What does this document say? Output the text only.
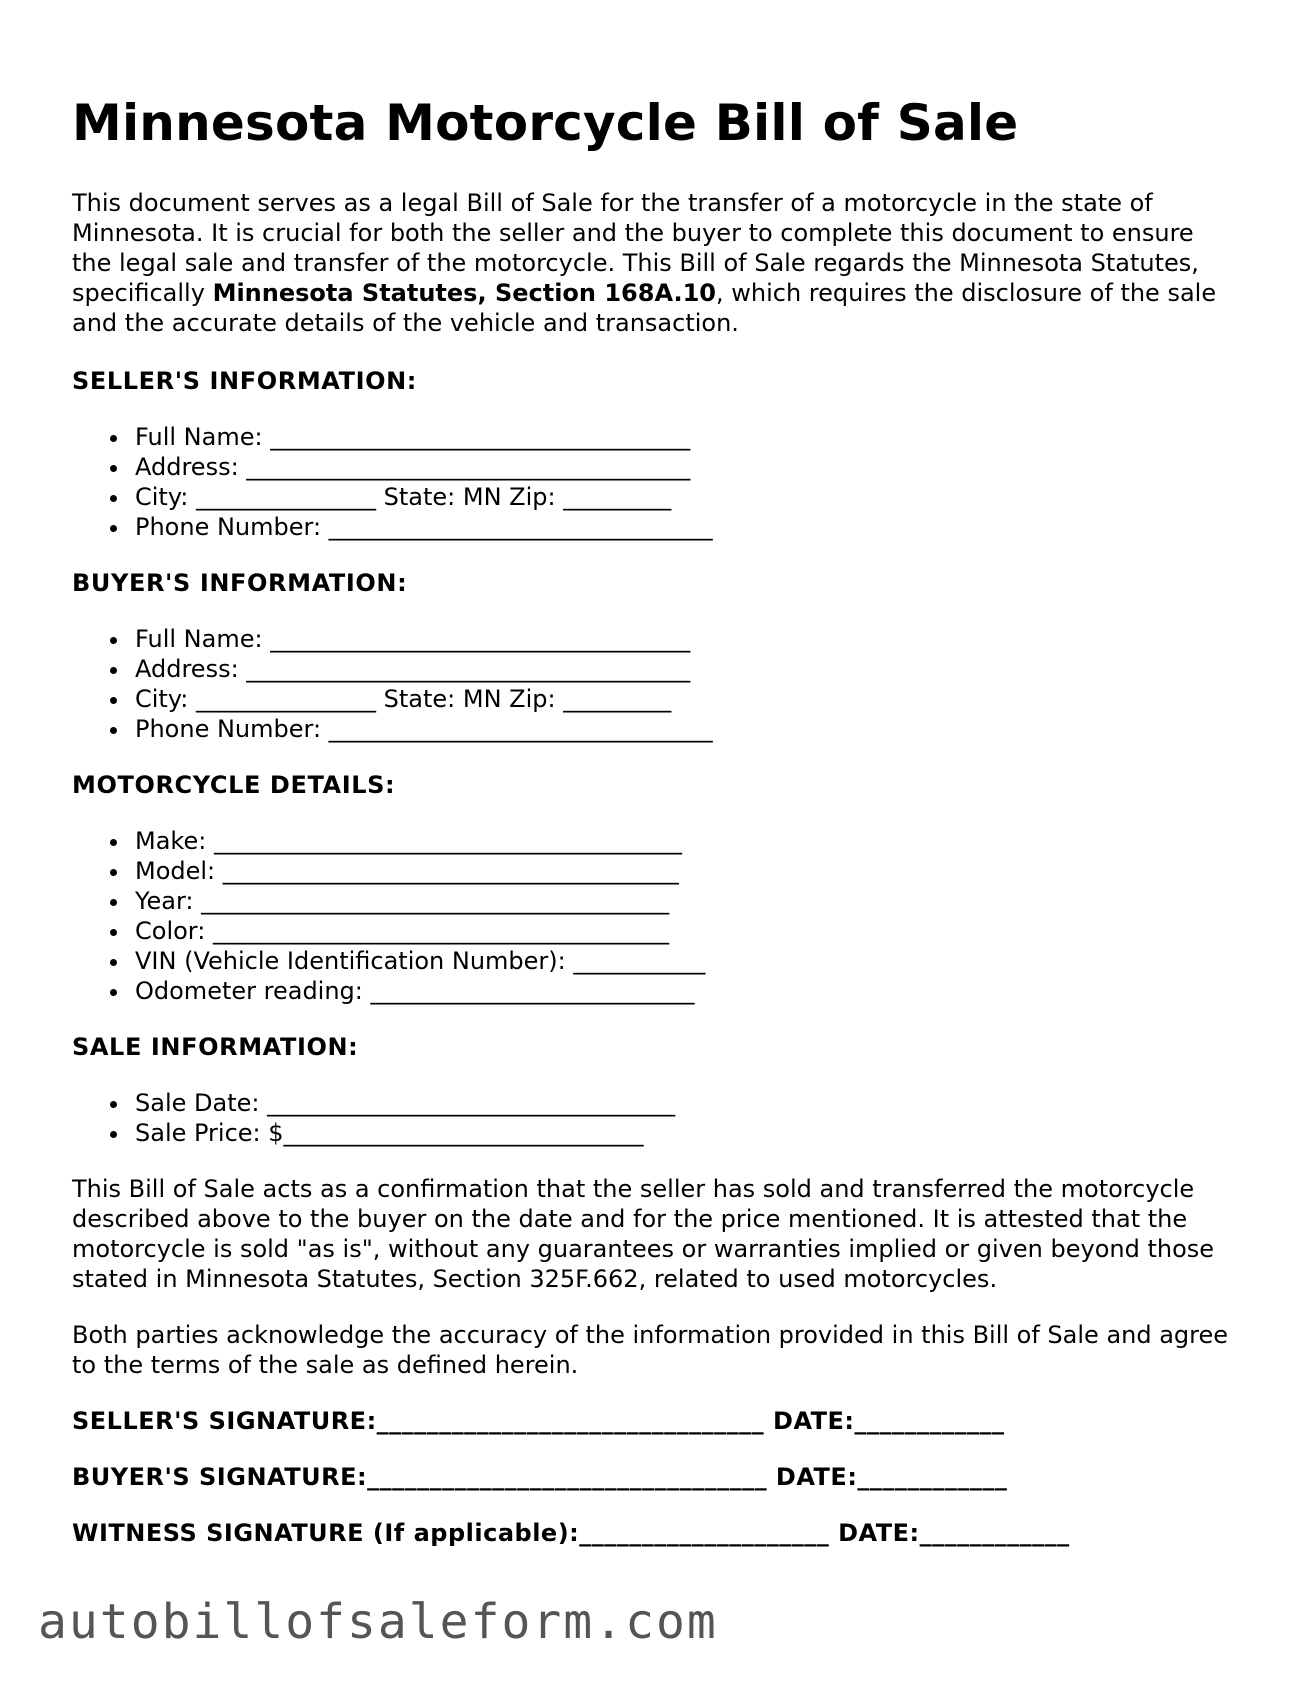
Minnesota Motorcycle Bill of Sale

This document serves as a legal Bill of Sale for the transfer of a motorcycle in the state of Minnesota. It is crucial for both the seller and the buyer to complete this document to ensure the legal sale and transfer of the motorcycle. This Bill of Sale regards the Minnesota Statutes, specifically Minnesota Statutes, Section 168A.10, which requires the disclosure of the sale and the accurate details of the vehicle and transaction.

SELLER'S INFORMATION:
Full Name: ___________________________________
Address: _____________________________________
City: _______________ State: MN Zip: _________
Phone Number: ________________________________
BUYER'S INFORMATION:
Full Name: ___________________________________
Address: _____________________________________
City: _______________ State: MN Zip: _________
Phone Number: ________________________________
MOTORCYCLE DETAILS:
Make: _______________________________________
Model: ______________________________________
Year: _______________________________________
Color: ______________________________________
VIN (Vehicle Identification Number): ___________
Odometer reading: ___________________________
SALE INFORMATION:
Sale Date: __________________________________
Sale Price: $______________________________

This Bill of Sale acts as a confirmation that the seller has sold and transferred the motorcycle described above to the buyer on the date and for the price mentioned. It is attested that the motorcycle is sold "as is", without any guarantees or warranties implied or given beyond those stated in Minnesota Statutes, Section 325F.662, related to used motorcycles.

Both parties acknowledge the accuracy of the information provided in this Bill of Sale and agree to the terms of the sale as defined herein.

SELLER'S SIGNATURE:_______________________________ DATE:____________
BUYER'S SIGNATURE:________________________________ DATE:____________
WITNESS SIGNATURE (If applicable):____________________ DATE:____________
autobillofsaleform.com
